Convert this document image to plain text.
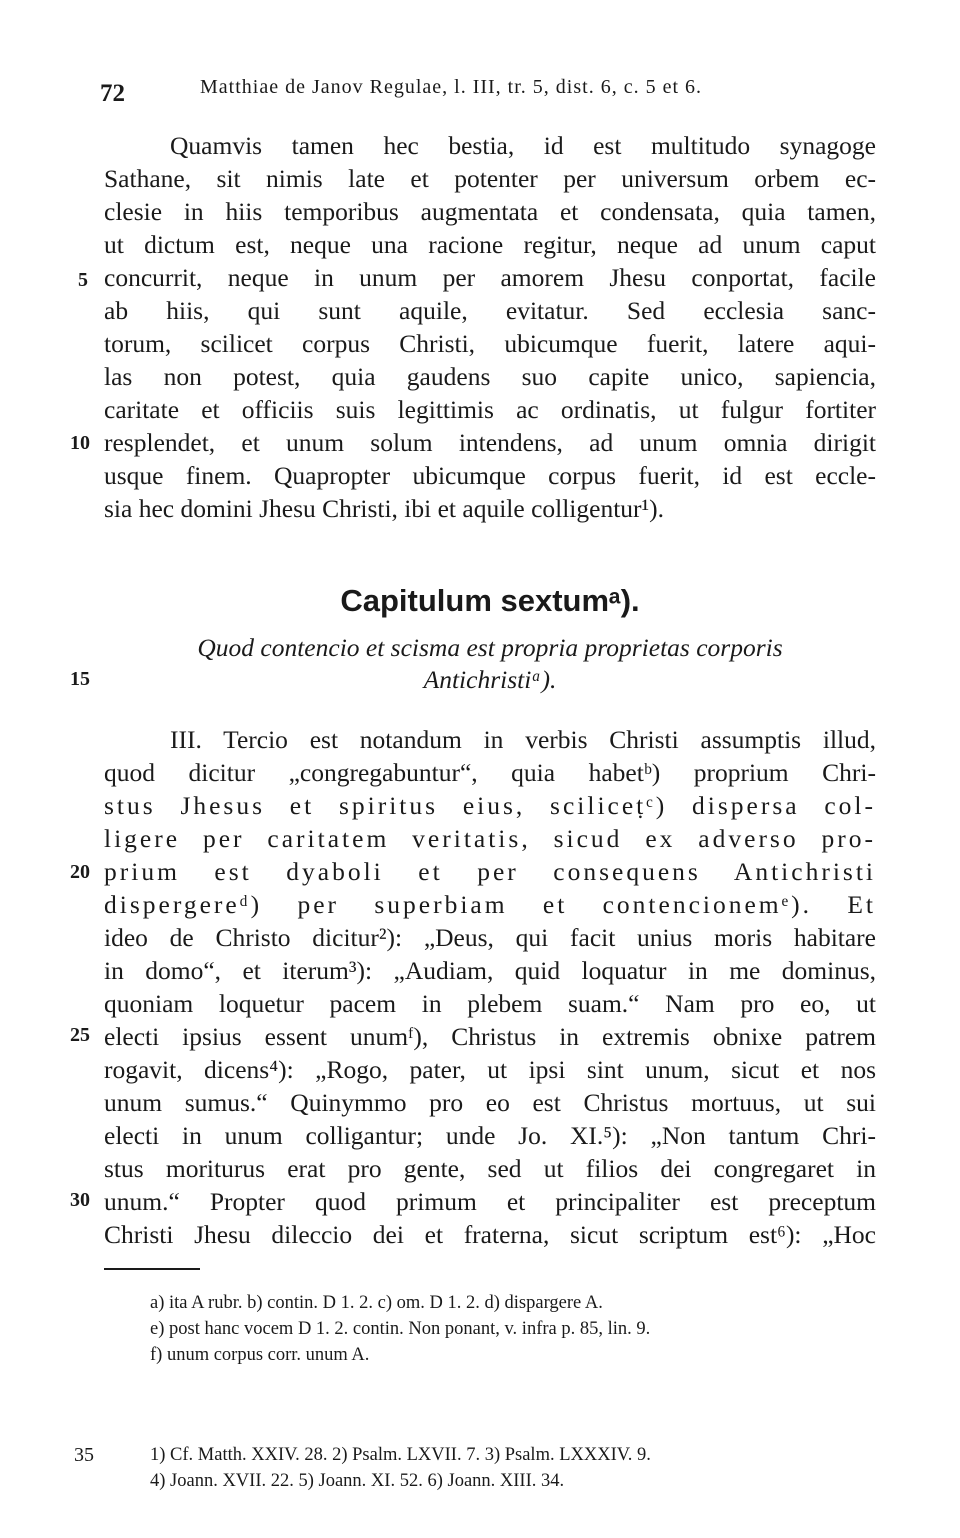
72	Matthiae de Janov Regulae, l. III, tr. 5, dist. 6, c. 5 et 6.
Quamvis tamen hec bestia, id est multitudo synagoge
Sathane, sit nimis late et potenter per universum orbem ec-
clesie in hiis temporibus augmentata et condensata, quia tamen,
ut dictum est, neque una racione regitur, neque ad unum caput
concurrit, neque in unum per amorem Jhesu conportat, facile
ab hiis, qui sunt aquile, evitatur. Sed ecclesia sanc-
torum, scilicet corpus Christi, ubicumque fuerit, latere aqui-
las non potest, quia gaudens suo capite unico, sapiencia,
caritate et officiis suis legittimis ac ordinatis, ut fulgur fortiter
resplendet, et unum solum intendens, ad unum omnia dirigit
usque finem. Quapropter ubicumque corpus fuerit, id est eccle-
sia hec domini Jhesu Christi, ibi et aquile colligentur¹).
5
10
15
20
25
30
35
Capitulum sextumᵃ).
Quod contencio et scisma est propria proprietas corporis
Antichristiᵃ).
III. Tercio est notandum in verbis Christi assumptis illud,
quod dicitur „congregabuntur“, quia habetᵇ) proprium Chri-
stus Jhesus et spiritus eius, sciliceṭᶜ) dispersa col-
ligere per caritatem veritatis, sicud ex adverso pro-
prium est dyaboli et per consequens Antichristi
dispergereᵈ) per superbiam et contencionemᵉ). Et
ideo de Christo dicitur²): „Deus, qui facit unius moris habitare
in domo“, et iterum³): „Audiam, quid loquatur in me dominus,
quoniam loquetur pacem in plebem suam.“ Nam pro eo, ut
electi ipsius essent unumᶠ), Christus in extremis obnixe patrem
rogavit, dicens⁴): „Rogo, pater, ut ipsi sint unum, sicut et nos
unum sumus.“ Quinymmo pro eo est Christus mortuus, ut sui
electi in unum colligantur; unde Jo. XI.⁵): „Non tantum Chri-
stus moriturus erat pro gente, sed ut filios dei congregaret in
unum.“ Propter quod primum et principaliter est preceptum
Christi Jhesu dileccio dei et fraterna, sicut scriptum est⁶): „Hoc
a) ita A rubr. b) contin. D 1. 2. c) om. D 1. 2. d) dispargere A.
e) post hanc vocem D 1. 2. contin. Non ponant, v. infra p. 85, lin. 9.
f) unum corpus corr. unum A.
1) Cf. Matth. XXIV. 28. 2) Psalm. LXVII. 7. 3) Psalm. LXXXIV. 9.
4) Joann. XVII. 22. 5) Joann. XI. 52. 6) Joann. XIII. 34.
